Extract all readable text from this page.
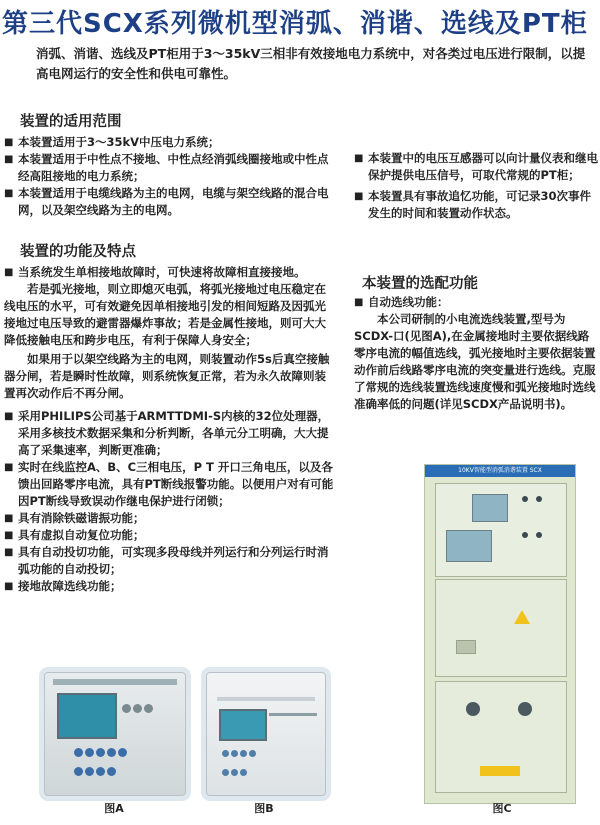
第三代SCX系列微机型消弧、消谐、选线及PT柜
消弧、消谐、选线及PT柜用于3～35kV三相非有效接地电力系统中，对各类过电压进行限制，以提高电网运行的安全性和供电可靠性。
装置的适用范围
■ 本装置适用于3～35kV中压电力系统；
■ 本装置适用于中性点不接地、中性点经消弧线圈接地或中性点经高阻接地的电力系统；
■ 本装置适用于电缆线路为主的电网，电缆与架空线路的混合电网，以及架空线路为主的电网。
装置的功能及特点
■ 当系统发生单相接地故障时，可快速将故障相直接接地。
若是弧光接地，则立即熄灭电弧，将弧光接地过电压稳定在线电压的水平，可有效避免因单相接地引发的相间短路及因弧光接地过电压导致的避雷器爆炸事故；若是金属性接地，则可大大降低接触电压和跨步电压，有利于保障人身安全；
如果用于以架空线路为主的电网，则装置动作5s后真空接触器分闸，若是瞬时性故障，则系统恢复正常，若为永久故障则装置再次动作后不再分闸。
■ 采用PHILIPS公司基于ARMTTDMI-S内核的32位处理器，采用多核技术数据采集和分析判断，各单元分工明确，大大提高了采集速率，判断更准确；
■ 实时在线监控A、B、C三相电压，P T 开口三角电压，以及各馈出回路零序电流，具有PT断线报警功能。以便用户对有可能因PT断线导致误动作继电保护进行闭锁；
■ 具有消除铁磁谐振功能；
■ 具有虚拟自动复位功能；
■ 具有自动投切功能，可实现多段母线并列运行和分列运行时消弧功能的自动投切；
■ 接地故障选线功能；
■ 本装置中的电压互感器可以向计量仪表和继电保护提供电压信号，可取代常规的PT柜；
■ 本装置具有事故追忆功能，可记录30次事件发生的时间和装置动作状态。
本装置的选配功能
■ 自动选线功能：
本公司研制的小电流选线装置,型号为SCDX-口(见图A),在金属接地时主要依据线路零序电流的幅值选线，弧光接地时主要依据装置动作前后线路零序电流的突变量进行选线。克服了常规的选线装置选线速度慢和弧光接地时选线准确率低的问题(详见SCDX产品说明书)。

图A	图B
10KV智能型消弧消谐装置 SCX
图C
